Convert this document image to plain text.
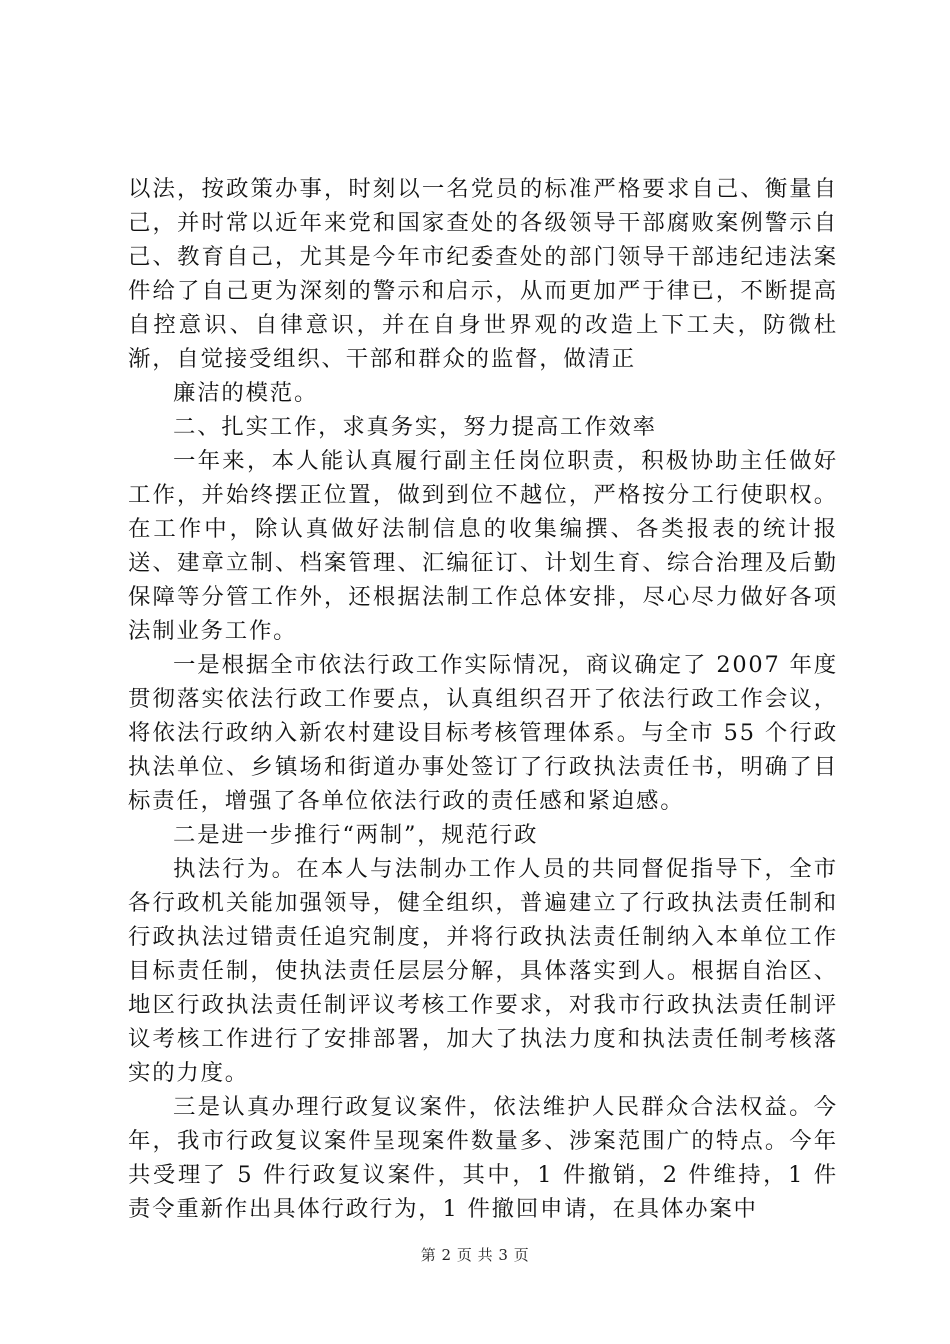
以法，按政策办事，时刻以一名党员的标准严格要求自己、衡量自己，并时常以近年来党和国家查处的各级领导干部腐败案例警示自己、教育自己，尤其是今年市纪委查处的部门领导干部违纪违法案件给了自己更为深刻的警示和启示，从而更加严于律已，不断提高自控意识、自律意识，并在自身世界观的改造上下工夫，防微杜渐，自觉接受组织、干部和群众的监督，做清正

廉洁的模范。

二、扎实工作，求真务实，努力提高工作效率

一年来，本人能认真履行副主任岗位职责，积极协助主任做好工作，并始终摆正位置，做到到位不越位，严格按分工行使职权。在工作中，除认真做好法制信息的收集编撰、各类报表的统计报送、建章立制、档案管理、汇编征订、计划生育、综合治理及后勤保障等分管工作外，还根据法制工作总体安排，尽心尽力做好各项法制业务工作。

一是根据全市依法行政工作实际情况，商议确定了 2007 年度贯彻落实依法行政工作要点，认真组织召开了依法行政工作会议，将依法行政纳入新农村建设目标考核管理体系。与全市 55 个行政执法单位、乡镇场和街道办事处签订了行政执法责任书，明确了目标责任，增强了各单位依法行政的责任感和紧迫感。

二是进一步推行“两制”，规范行政

执法行为。在本人与法制办工作人员的共同督促指导下，全市各行政机关能加强领导，健全组织，普遍建立了行政执法责任制和行政执法过错责任追究制度，并将行政执法责任制纳入本单位工作目标责任制，使执法责任层层分解，具体落实到人。根据自治区、地区行政执法责任制评议考核工作要求，对我市行政执法责任制评议考核工作进行了安排部署，加大了执法力度和执法责任制考核落实的力度。

三是认真办理行政复议案件，依法维护人民群众合法权益。今年，我市行政复议案件呈现案件数量多、涉案范围广的特点。今年共受理了 5 件行政复议案件，其中，1 件撤销，2 件维持，1 件责令重新作出具体行政行为，1 件撤回申请，在具体办案中

第 2 页 共 3 页
